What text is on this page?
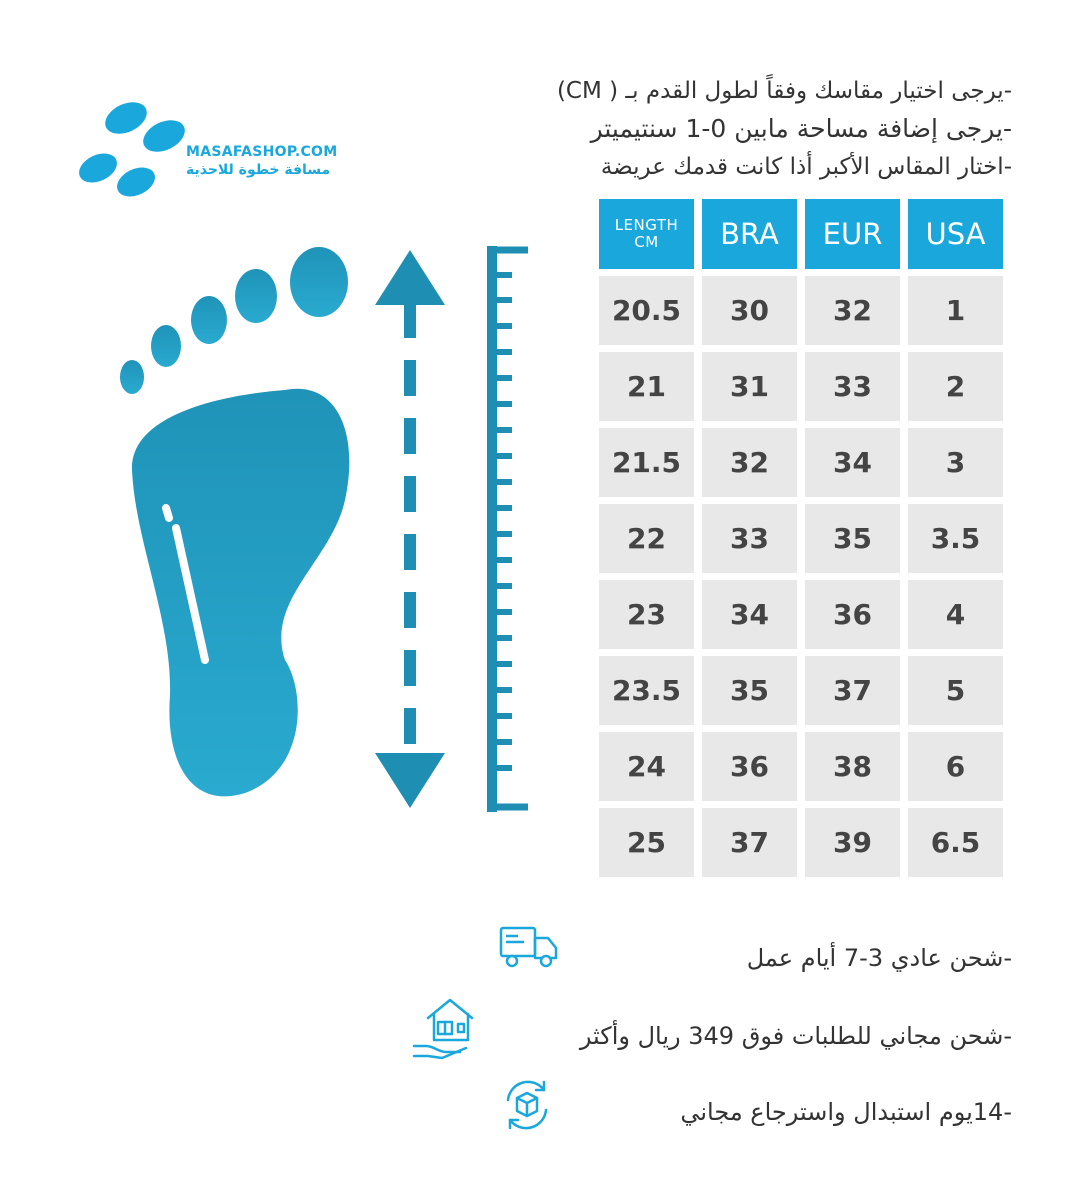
MASAFASHOP.COM
مسافة خطوة للاحذية
-يرجى اختيار مقاسك وفقاً لطول القدم بـ ( CM)
-يرجى إضافة مساحة مابين 0-1 سنتيميتر
-اختار المقاس الأكبر أذا كانت قدمك عريضة
LENGTH
CM	BRA	EUR	USA
20.5	30	32	1
21	31	33	2
21.5	32	34	3
22	33	35	3.5
23	34	36	4
23.5	35	37	5
24	36	38	6
25	37	39	6.5
-شحن عادي 3-7 أيام عمل
-شحن مجاني للطلبات فوق 349 ريال وأكثر
-14يوم استبدال واسترجاع مجاني
